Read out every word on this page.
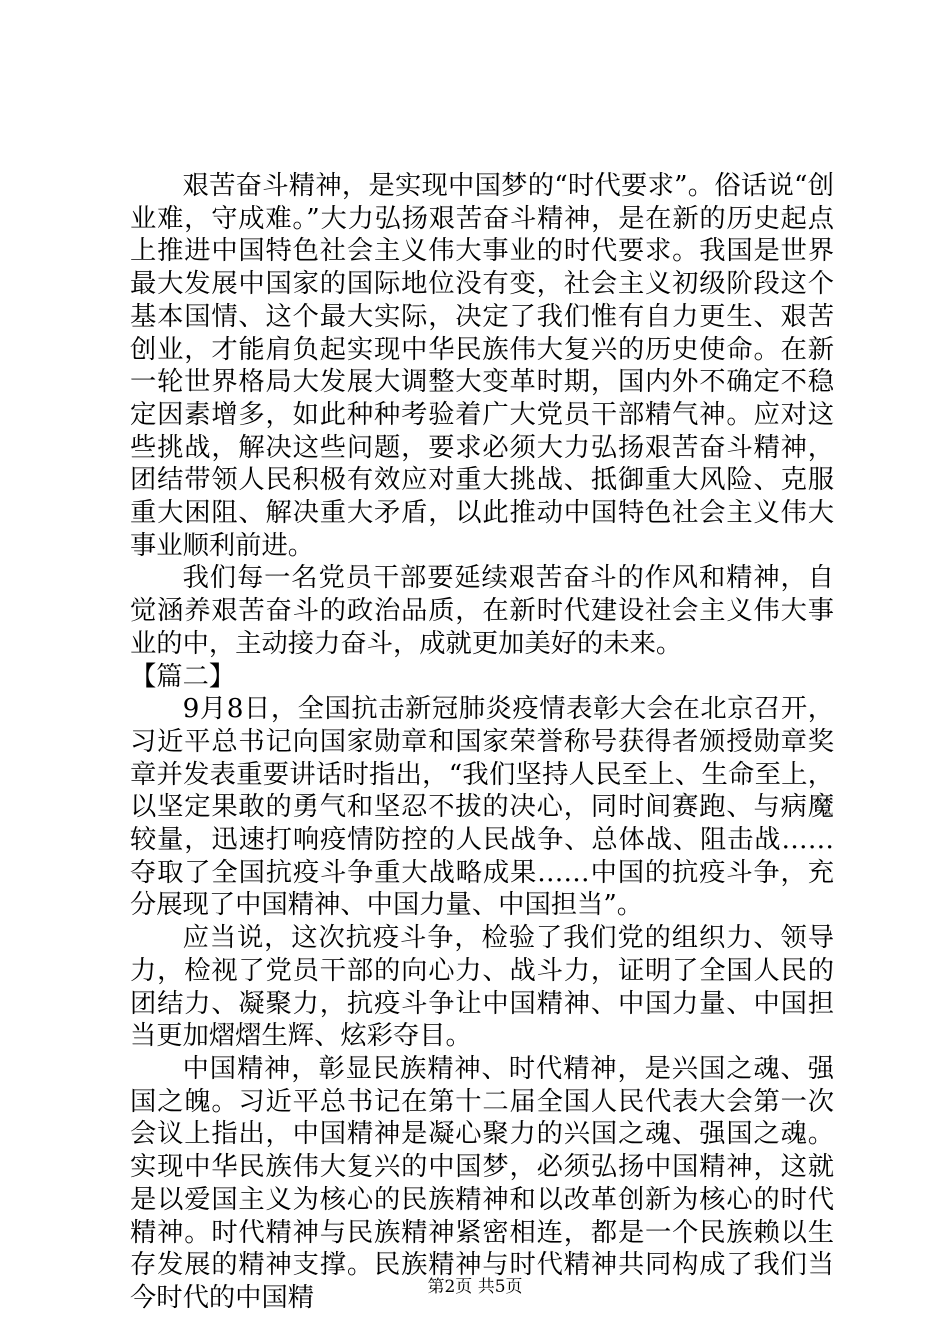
艰苦奋斗精神，是实现中国梦的“时代要求”。俗话说“创业难，守成难。”大力弘扬艰苦奋斗精神，是在新的历史起点上推进中国特色社会主义伟大事业的时代要求。我国是世界最大发展中国家的国际地位没有变，社会主义初级阶段这个基本国情、这个最大实际，决定了我们惟有自力更生、艰苦创业，才能肩负起实现中华民族伟大复兴的历史使命。在新一轮世界格局大发展大调整大变革时期，国内外不确定不稳定因素增多，如此种种考验着广大党员干部精气神。应对这些挑战，解决这些问题，要求必须大力弘扬艰苦奋斗精神，团结带领人民积极有效应对重大挑战、抵御重大风险、克服重大困阻、解决重大矛盾，以此推动中国特色社会主义伟大事业顺利前进。

我们每一名党员干部要延续艰苦奋斗的作风和精神，自觉涵养艰苦奋斗的政治品质，在新时代建设社会主义伟大事业的中，主动接力奋斗，成就更加美好的未来。

【篇二】

9月8日，全国抗击新冠肺炎疫情表彰大会在北京召开，习近平总书记向国家勋章和国家荣誉称号获得者颁授勋章奖章并发表重要讲话时指出，“我们坚持人民至上、生命至上，以坚定果敢的勇气和坚忍不拔的决心，同时间赛跑、与病魔较量，迅速打响疫情防控的人民战争、总体战、阻击战……夺取了全国抗疫斗争重大战略成果……中国的抗疫斗争，充分展现了中国精神、中国力量、中国担当”。

应当说，这次抗疫斗争，检验了我们党的组织力、领导力，检视了党员干部的向心力、战斗力，证明了全国人民的团结力、凝聚力，抗疫斗争让中国精神、中国力量、中国担当更加熠熠生辉、炫彩夺目。

中国精神，彰显民族精神、时代精神，是兴国之魂、强国之魄。习近平总书记在第十二届全国人民代表大会第一次会议上指出，中国精神是凝心聚力的兴国之魂、强国之魂。实现中华民族伟大复兴的中国梦，必须弘扬中国精神，这就是以爱国主义为核心的民族精神和以改革创新为核心的时代精神。时代精神与民族精神紧密相连，都是一个民族赖以生存发展的精神支撑。民族精神与时代精神共同构成了我们当今时代的中国精	第2页 共5页
